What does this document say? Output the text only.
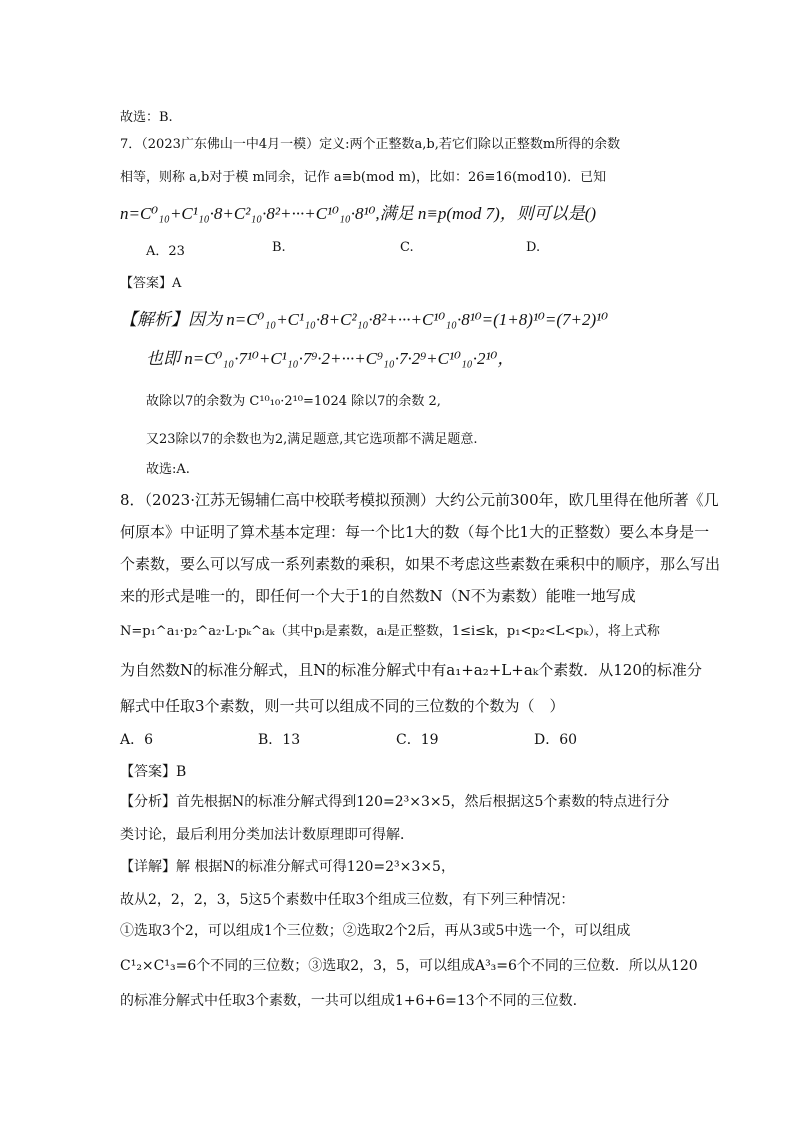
故选：B.
7．（2023广东佛山一中4月一模）定义:两个正整数a,b,若它们除以正整数m所得的余数
相等，则称 a,b对于模 m同余，记作 a≡b(mod m)，比如：26≡16(mod10)．已知
n=C⁰₁₀+C¹₁₀·8+C²₁₀·8²+···+C¹⁰₁₀·8¹⁰,满足 n≡p(mod 7)，则可以是()
A．23	B.	C.	D.
【答案】A
【解析】因为 n=C⁰₁₀+C¹₁₀·8+C²₁₀·8²+···+C¹⁰₁₀·8¹⁰=(1+8)¹⁰=(7+2)¹⁰
也即 n=C⁰₁₀·7¹⁰+C¹₁₀·7⁹·2+···+C⁹₁₀·7·2⁹+C¹⁰₁₀·2¹⁰，
故除以7的余数为 C¹⁰₁₀·2¹⁰=1024 除以7的余数 2,
又23除以7的余数也为2,满足题意,其它选项都不满足题意.
故选:A.
8．（2023·江苏无锡辅仁高中校联考模拟预测）大约公元前300年，欧几里得在他所著《几
何原本》中证明了算术基本定理：每一个比1大的数（每个比1大的正整数）要么本身是一
个素数，要么可以写成一系列素数的乘积，如果不考虑这些素数在乘积中的顺序，那么写出
来的形式是唯一的，即任何一个大于1的自然数N（N不为素数）能唯一地写成
N=p₁^a₁·p₂^a₂·L·pₖ^aₖ（其中pᵢ是素数，aᵢ是正整数，1≤i≤k，p₁<p₂<L<pₖ），将上式称
为自然数N的标准分解式，且N的标准分解式中有a₁+a₂+L+aₖ个素数．从120的标准分
解式中任取3个素数，则一共可以组成不同的三位数的个数为（　）
A．6	B．13	C．19	D．60
【答案】B
【分析】首先根据N的标准分解式得到120=2³×3×5，然后根据这5个素数的特点进行分
类讨论，最后利用分类加法计数原理即可得解．
【详解】解 根据N的标准分解式可得120=2³×3×5，
故从2，2，2，3，5这5个素数中任取3个组成三位数，有下列三种情况：
①选取3个2，可以组成1个三位数；②选取2个2后，再从3或5中选一个，可以组成
C¹₂×C¹₃=6个不同的三位数；③选取2，3，5，可以组成A³₃=6个不同的三位数．所以从120
的标准分解式中任取3个素数，一共可以组成1+6+6=13个不同的三位数.
